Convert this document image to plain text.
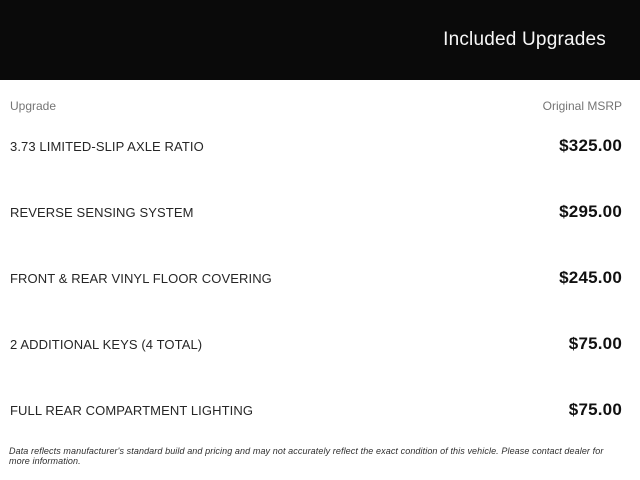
Included Upgrades
Upgrade	Original MSRP
3.73 LIMITED-SLIP AXLE RATIO	$325.00
REVERSE SENSING SYSTEM	$295.00
FRONT & REAR VINYL FLOOR COVERING	$245.00
2 ADDITIONAL KEYS (4 TOTAL)	$75.00
FULL REAR COMPARTMENT LIGHTING	$75.00
Data reflects manufacturer's standard build and pricing and may not accurately reflect the exact condition of this vehicle. Please contact dealer for more information.
